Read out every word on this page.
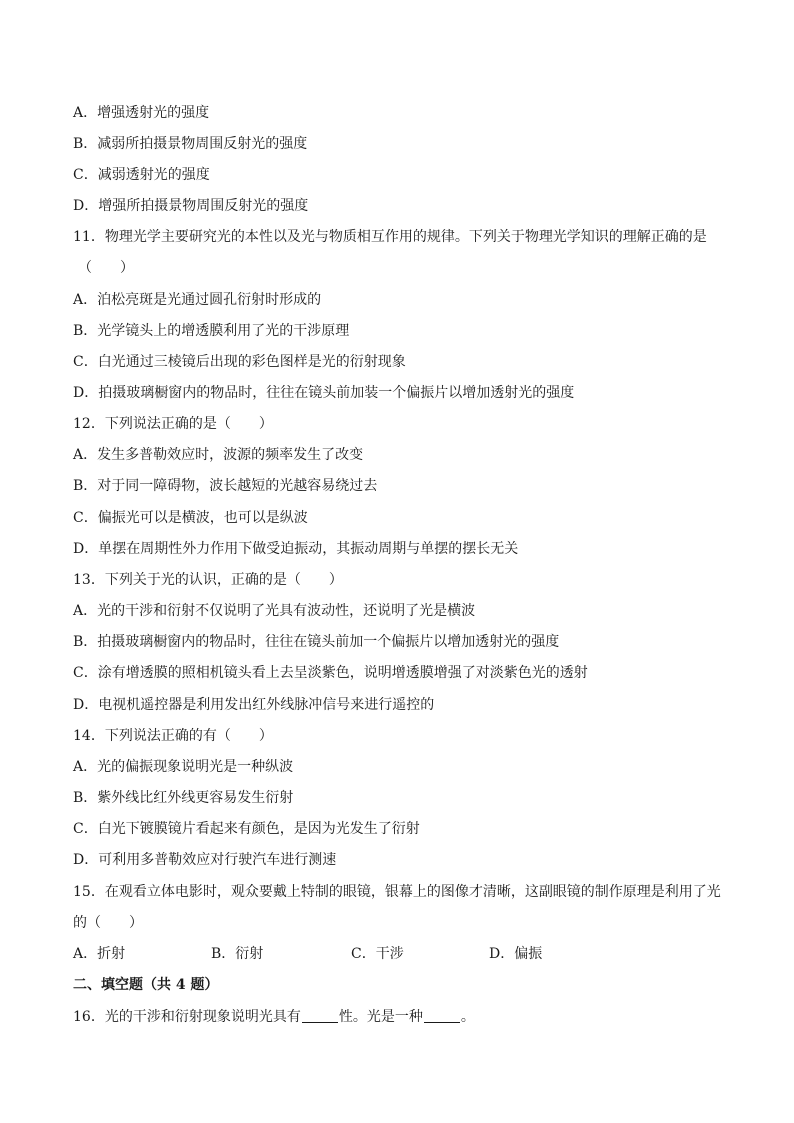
A．增强透射光的强度
B．减弱所拍摄景物周围反射光的强度
C．减弱透射光的强度
D．增强所拍摄景物周围反射光的强度
11．物理光学主要研究光的本性以及光与物质相互作用的规律。下列关于物理光学知识的理解正确的是
（　　）
A．泊松亮斑是光通过圆孔衍射时形成的
B．光学镜头上的增透膜利用了光的干涉原理
C．白光通过三棱镜后出现的彩色图样是光的衍射现象
D．拍摄玻璃橱窗内的物品时，往往在镜头前加装一个偏振片以增加透射光的强度
12．下列说法正确的是（　　）
A．发生多普勒效应时，波源的频率发生了改变
B．对于同一障碍物，波长越短的光越容易绕过去
C．偏振光可以是横波，也可以是纵波
D．单摆在周期性外力作用下做受迫振动，其振动周期与单摆的摆长无关
13．下列关于光的认识，正确的是（　　）
A．光的干涉和衍射不仅说明了光具有波动性，还说明了光是横波
B．拍摄玻璃橱窗内的物品时，往往在镜头前加一个偏振片以增加透射光的强度
C．涂有增透膜的照相机镜头看上去呈淡紫色，说明增透膜增强了对淡紫色光的透射
D．电视机遥控器是利用发出红外线脉冲信号来进行遥控的
14．下列说法正确的有（　　）
A．光的偏振现象说明光是一种纵波
B．紫外线比红外线更容易发生衍射
C．白光下镀膜镜片看起来有颜色，是因为光发生了衍射
D．可利用多普勒效应对行驶汽车进行测速
15．在观看立体电影时，观众要戴上特制的眼镜，银幕上的图像才清晰，这副眼镜的制作原理是利用了光
的（　　）
A．折射	B．衍射	C．干涉	D．偏振
二、填空题（共 4 题）
16．光的干涉和衍射现象说明光具有	性。光是一种	。
